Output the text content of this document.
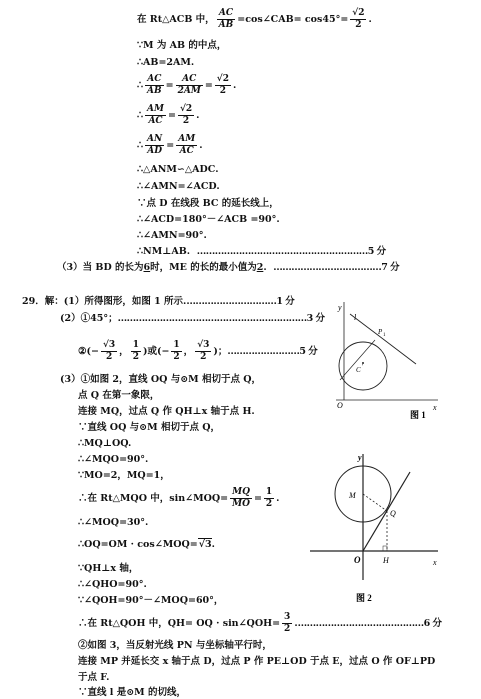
在 Rt△ACB 中， $\frac{AC}{AB}$ =cos∠CAB= $\cos 45^\circ= \frac{√2}{2}$ .
∵M 为 AB 的中点，
∴AB=2AM.
∴ $\frac{AC}{AB} = \frac{AC}{2AM} = \frac{√2}{2}$ .
∴ $\frac{AM}{AC} = \frac{√2}{2}$ .
∴ $\frac{AN}{AD} = \frac{AM}{AC}$ .
∴△ANM∽△ADC.
∴∠AMN=∠ACD.
∵点 D 在线段 BC 的延长线上，
∴∠ACD=180°－∠ACB =90°.
∴∠AMN=90°.
∴NM⊥AB. …………………………………………………5 分
（3）当 BD 的长为6时，ME 的长的最小值为2. ………………………………7 分
29．解：(1）所得图形，如图 1 所示.…………………………1 分
(2）①45°；………………………………………………………3 分
②(− $\frac{√3}{2}$ ， $\frac{1}{2}$ )或(− $\frac{1}{2}$ ， $\frac{√3}{2}$ )；……………………5 分
(3）①如图 2，直线 OQ 与⊙M 相切于点 Q，
点 Q 在第一象限，
连接 MQ，过点 Q 作 QH⊥x 轴于点 H.
∵直线 OQ 与⊙M 相切于点 Q，
∴MQ⊥OQ.
∴∠MQO=90°.
∵MO=2，MQ=1，
∴在 Rt△MQO 中，sin∠MOQ= $\frac{MQ}{MO} = \frac{1}{2}$ .
∴∠MOQ=30°.
∴OQ=OM · cos∠MOQ=√3.
∵QH⊥x 轴，
∴∠QHO=90°.
∵∠QOH=90°－∠MOQ=60°，
∴在 Rt△QOH 中，QH= OQ · sin∠QOH= $\frac{3}{2}$ .……………………………………6 分
②如图 3，当反射光线 PN 与坐标轴平行时，
连接 MP 并延长交 x 轴于点 D，过点 P 作 PE⊥OD 于点 E，过点 O 作 OF⊥PD
于点 F.
∵直线 l 是⊙M 的切线，
y
x
O
l
P 1
C ′
图 1
y
x
O
M
Q
H
图 2
